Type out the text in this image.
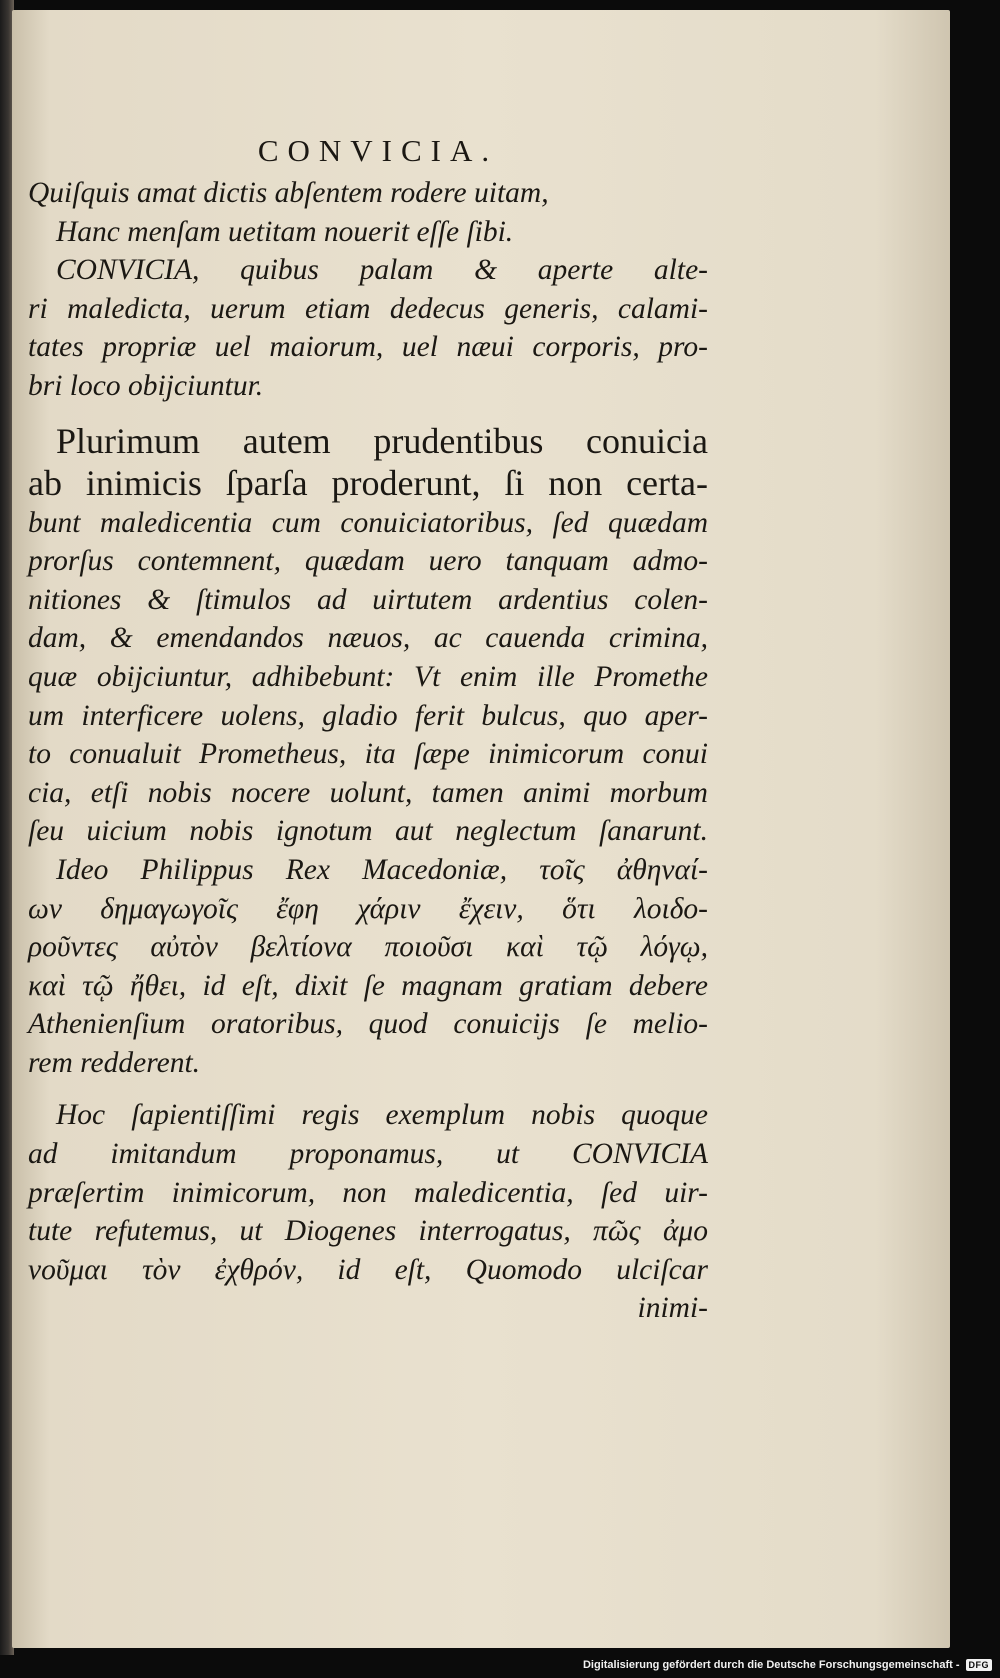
CONVICIA.
Quiſquis amat dictis abſentem rodere uitam,
Hanc menſam uetitam nouerit eſſe ſibi.
CONVICIA, quibus palam & aperte alte-
ri maledicta, uerum etiam dedecus generis, calami-
tates propriæ uel maiorum, uel næui corporis, pro-
bri loco obijciuntur.
Plurimum autem prudentibus conuicia
ab inimicis ſparſa proderunt, ſi non certa-
bunt maledicentia cum conuiciatoribus, ſed quædam
prorſus contemnent, quædam uero tanquam admo-
nitiones & ſtimulos ad uirtutem ardentius colen-
dam, & emendandos næuos, ac cauenda crimina,
quæ obijciuntur, adhibebunt: Vt enim ille Promethe
um interficere uolens, gladio ferit bulcus, quo aper-
to conualuit Prometheus, ita ſæpe inimicorum conui
cia, etſi nobis nocere uolunt, tamen animi morbum
ſeu uicium nobis ignotum aut neglectum ſanarunt.
Ideo Philippus Rex Macedoniæ, τοῖς ἀθηναί-
ων δημαγωγοῖς ἔφη χάριν ἔχειν, ὅτι λοιδο-
ροῦντες αὐτὸν βελτίονα ποιοῦσι καὶ τῷ λόγῳ,
καὶ τῷ ἤθει, id eſt, dixit ſe magnam gratiam debere
Athenienſium oratoribus, quod conuicijs ſe melio-
rem redderent.
Hoc ſapientiſſimi regis exemplum nobis quoque
ad imitandum proponamus, ut CONVICIA
præſertim inimicorum, non maledicentia, ſed uir-
tute refutemus, ut Diogenes interrogatus, πῶς ἀμο
νοῦμαι τὸν ἐχθρόν, id eſt, Quomodo ulciſcar
inimi-
Digitalisierung gefördert durch die Deutsche Forschungsgemeinschaft -	DFG
